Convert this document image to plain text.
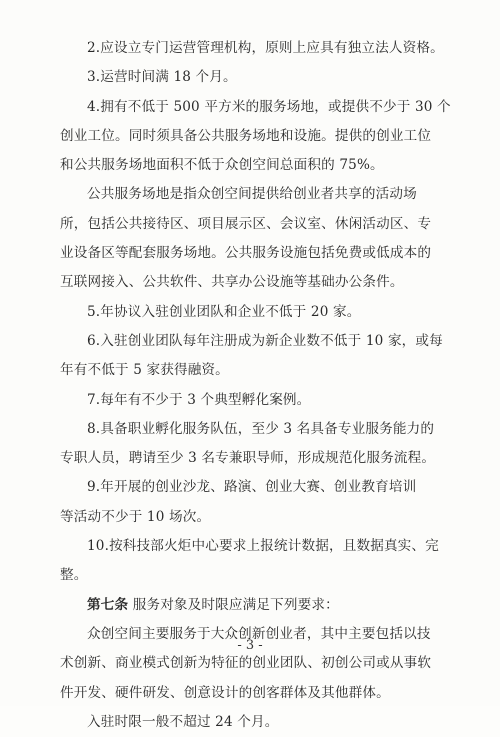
2.应设立专门运营管理机构，原则上应具有独立法人资格。
3.运营时间满 18 个月。
4.拥有不低于 500 平方米的服务场地，或提供不少于 30 个
创业工位。同时须具备公共服务场地和设施。提供的创业工位
和公共服务场地面积不低于众创空间总面积的 75%。
公共服务场地是指众创空间提供给创业者共享的活动场
所，包括公共接待区、项目展示区、会议室、休闲活动区、专
业设备区等配套服务场地。公共服务设施包括免费或低成本的
互联网接入、公共软件、共享办公设施等基础办公条件。
5.年协议入驻创业团队和企业不低于 20 家。
6.入驻创业团队每年注册成为新企业数不低于 10 家，或每
年有不低于 5 家获得融资。
7.每年有不少于 3 个典型孵化案例。
8.具备职业孵化服务队伍，至少 3 名具备专业服务能力的
专职人员，聘请至少 3 名专兼职导师，形成规范化服务流程。
9.年开展的创业沙龙、路演、创业大赛、创业教育培训
等活动不少于 10 场次。
10.按科技部火炬中心要求上报统计数据，且数据真实、完
整。
第七条 服务对象及时限应满足下列要求：
众创空间主要服务于大众创新创业者，其中主要包括以技
术创新、商业模式创新为特征的创业团队、初创公司或从事软
件开发、硬件研发、创意设计的创客群体及其他群体。
入驻时限一般不超过 24 个月。
- 3 -
